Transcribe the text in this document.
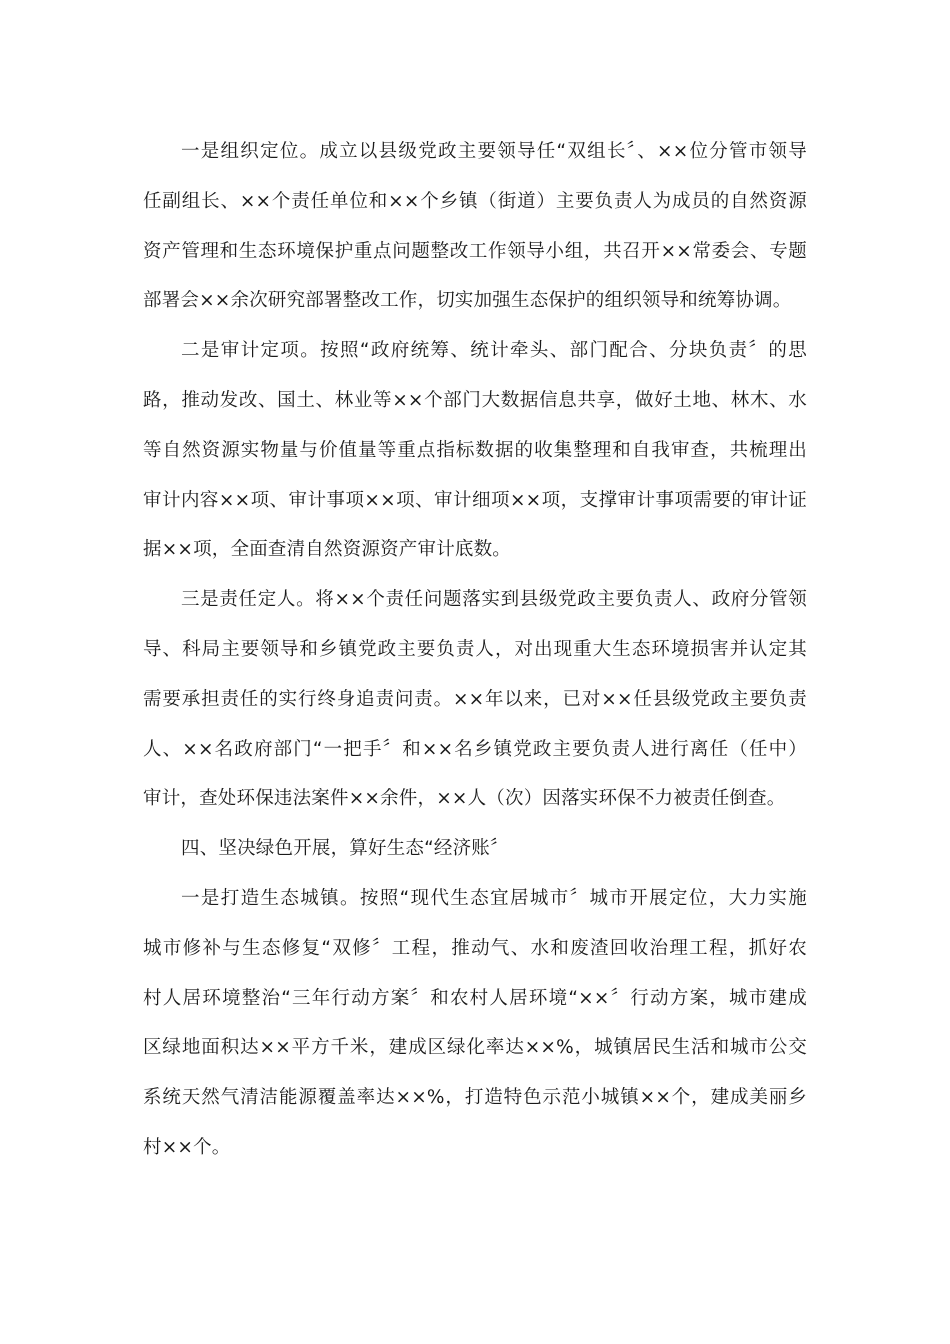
一是组织定位。成立以县级党政主要领导任“双组长〞、××位分管市领导
任副组长、××个责任单位和××个乡镇（街道）主要负责人为成员的自然资源
资产管理和生态环境保护重点问题整改工作领导小组，共召开××常委会、专题
部署会××余次研究部署整改工作，切实加强生态保护的组织领导和统筹协调。
二是审计定项。按照“政府统筹、统计牵头、部门配合、分块负责〞的思
路，推动发改、国土、林业等××个部门大数据信息共享，做好土地、林木、水
等自然资源实物量与价值量等重点指标数据的收集整理和自我审查，共梳理出
审计内容××项、审计事项××项、审计细项××项，支撑审计事项需要的审计证
据××项，全面查清自然资源资产审计底数。
三是责任定人。将××个责任问题落实到县级党政主要负责人、政府分管领
导、科局主要领导和乡镇党政主要负责人，对出现重大生态环境损害并认定其
需要承担责任的实行终身追责问责。××年以来，已对××任县级党政主要负责
人、××名政府部门“一把手〞和××名乡镇党政主要负责人进行离任（任中）
审计，查处环保违法案件××余件，××人（次）因落实环保不力被责任倒查。
四、坚决绿色开展，算好生态“经济账〞
一是打造生态城镇。按照“现代生态宜居城市〞城市开展定位，大力实施
城市修补与生态修复“双修〞工程，推动气、水和废渣回收治理工程，抓好农
村人居环境整治“三年行动方案〞和农村人居环境“××〞行动方案，城市建成
区绿地面积达××平方千米，建成区绿化率达××%，城镇居民生活和城市公交
系统天然气清洁能源覆盖率达××%，打造特色示范小城镇××个，建成美丽乡
村××个。
